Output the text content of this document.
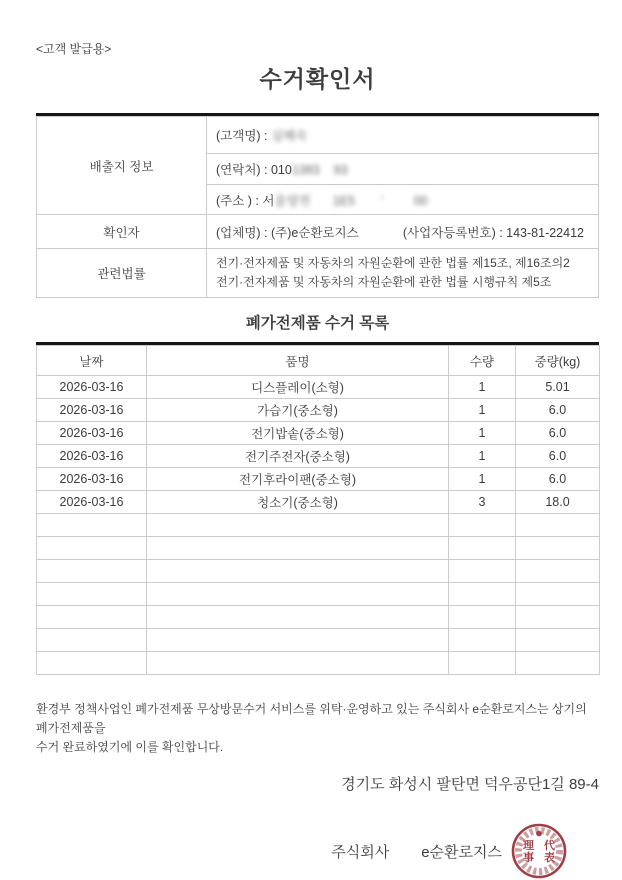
<고객 발급용>
수거확인서
배출지 정보	(고객명) : 심혜숙
	(연락처) : 0101383 93
	(주소 ) : 서울양천 1E5 ʼ 00
확인자	(업체명) : (주)e순환로지스 (사업자등록번호) : 143-81-22412

관련법률	전기·전자제품 및 자동차의 자원순환에 관한 법률 제15조, 제16조의2
전기·전자제품 및 자동차의 자원순환에 관한 법률 시행규칙 제5조
폐가전제품 수거 목록
날짜	품명	수량	중량(kg)
2026-03-16	디스플레이(소형)	1	5.01
2026-03-16	가습기(중소형)	1	6.0
2026-03-16	전기밥솥(중소형)	1	6.0
2026-03-16	전기주전자(중소형)	1	6.0
2026-03-16	전기후라이팬(중소형)	1	6.0
2026-03-16	청소기(중소형)	3	18.0

환경부 정책사업인 폐가전제품 무상방문수거 서비스를 위탁·운영하고 있는 주식회사 e순환로지스는 상기의 폐가전제품을
수거 완료하였기에 이를 확인합니다.
경기도 화성시 팔탄면 덕우공단1길 89-4
주식회사 e순환로지스	代
表
理
事
